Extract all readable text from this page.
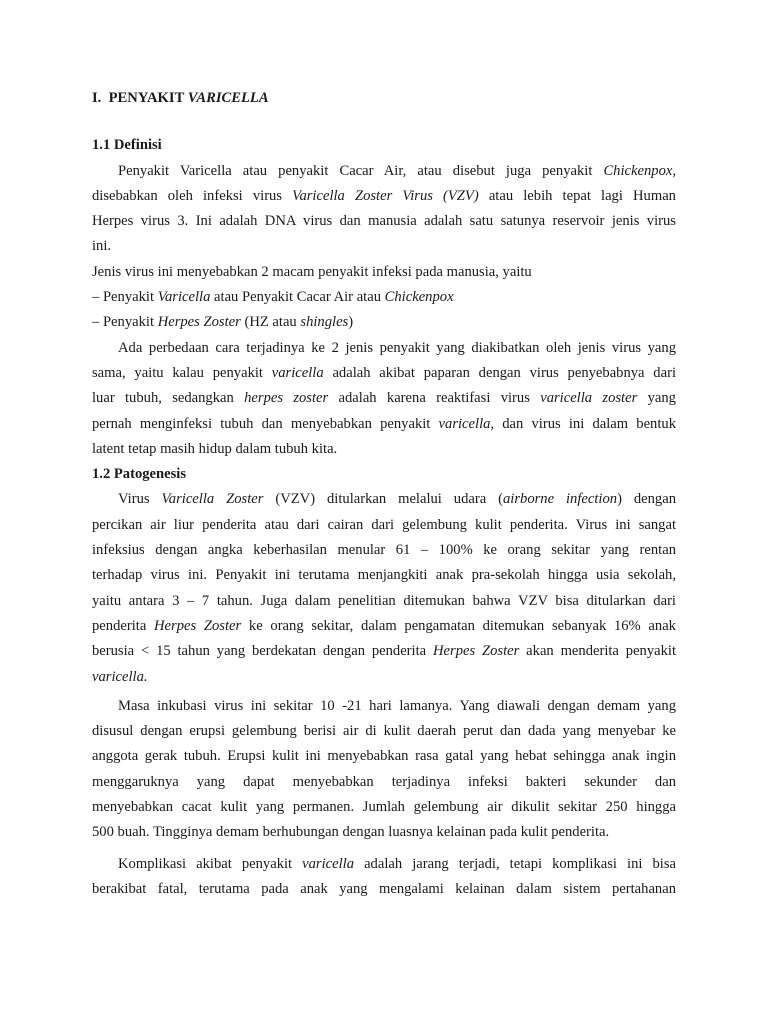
I. PENYAKIT VARICELLA
1.1 Definisi
Penyakit Varicella atau penyakit Cacar Air, atau disebut juga penyakit Chickenpox,
disebabkan oleh infeksi virus Varicella Zoster Virus (VZV) atau lebih tepat lagi Human
Herpes virus 3. Ini adalah DNA virus dan manusia adalah satu satunya reservoir jenis virus
ini.
Jenis virus ini menyebabkan 2 macam penyakit infeksi pada manusia, yaitu
– Penyakit Varicella atau Penyakit Cacar Air atau Chickenpox
– Penyakit Herpes Zoster (HZ atau shingles)
Ada perbedaan cara terjadinya ke 2 jenis penyakit yang diakibatkan oleh jenis virus yang
sama, yaitu kalau penyakit varicella adalah akibat paparan dengan virus penyebabnya dari
luar tubuh, sedangkan herpes zoster adalah karena reaktifasi virus varicella zoster yang
pernah menginfeksi tubuh dan menyebabkan penyakit varicella, dan virus ini dalam bentuk
latent tetap masih hidup dalam tubuh kita.
1.2 Patogenesis
Virus Varicella Zoster (VZV) ditularkan melalui udara (airborne infection) dengan
percikan air liur penderita atau dari cairan dari gelembung kulit penderita. Virus ini sangat
infeksius dengan angka keberhasilan menular 61 – 100% ke orang sekitar yang rentan
terhadap virus ini. Penyakit ini terutama menjangkiti anak pra-sekolah hingga usia sekolah,
yaitu antara 3 – 7 tahun. Juga dalam penelitian ditemukan bahwa VZV bisa ditularkan dari
penderita Herpes Zoster ke orang sekitar, dalam pengamatan ditemukan sebanyak 16% anak
berusia < 15 tahun yang berdekatan dengan penderita Herpes Zoster akan menderita penyakit
varicella.
Masa inkubasi virus ini sekitar 10 -21 hari lamanya. Yang diawali dengan demam yang
disusul dengan erupsi gelembung berisi air di kulit daerah perut dan dada yang menyebar ke
anggota gerak tubuh. Erupsi kulit ini menyebabkan rasa gatal yang hebat sehingga anak ingin
menggaruknya yang dapat menyebabkan terjadinya infeksi bakteri sekunder dan
menyebabkan cacat kulit yang permanen. Jumlah gelembung air dikulit sekitar 250 hingga
500 buah. Tingginya demam berhubungan dengan luasnya kelainan pada kulit penderita.
Komplikasi akibat penyakit varicella adalah jarang terjadi, tetapi komplikasi ini bisa
berakibat fatal, terutama pada anak yang mengalami kelainan dalam sistem pertahanan
